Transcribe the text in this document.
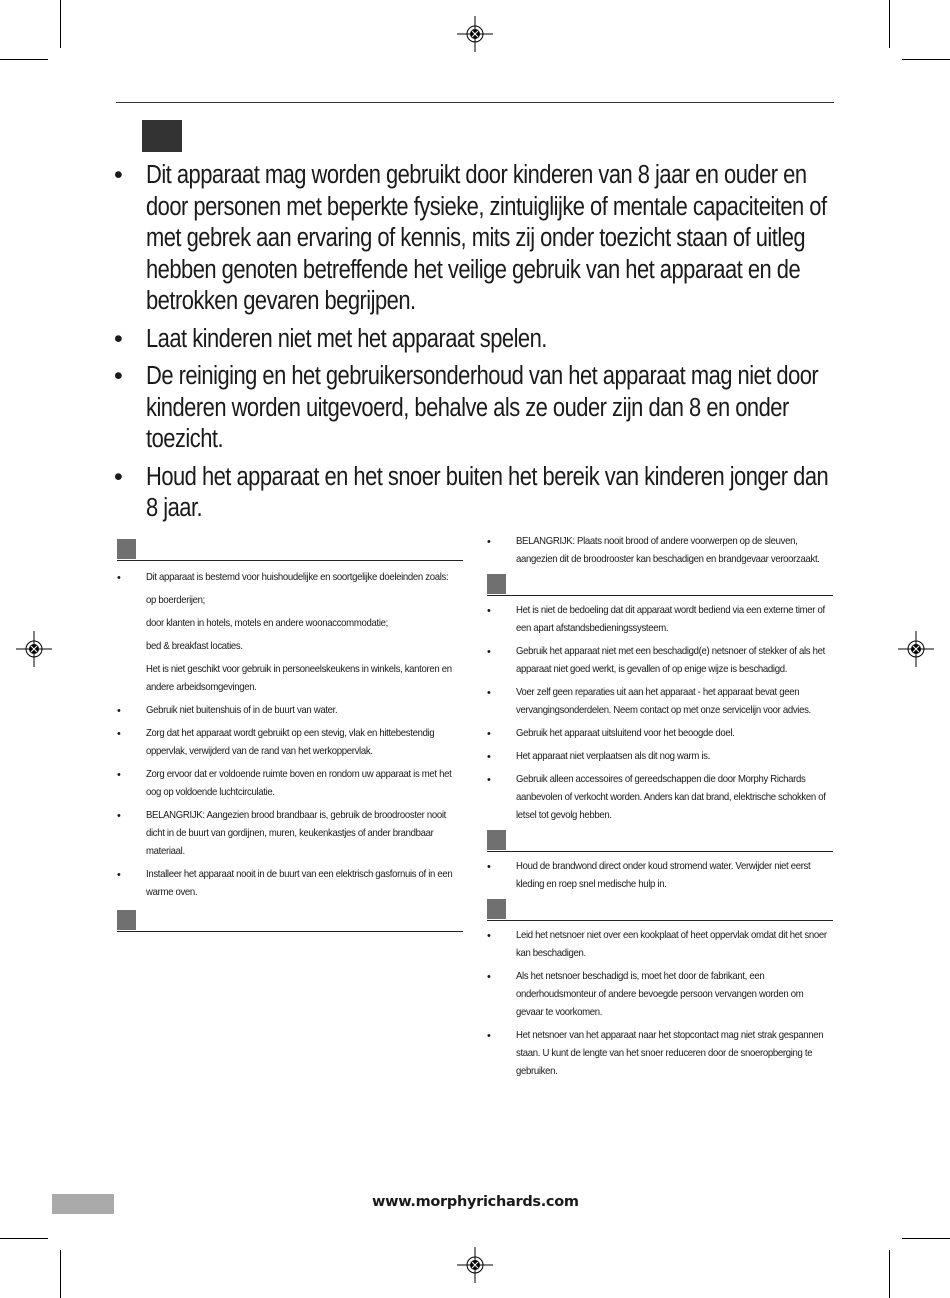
• Dit apparaat mag worden gebruikt door kinderen van 8 jaar en ouder en door personen met beperkte fysieke, zintuiglijke of mentale capaciteiten of met gebrek aan ervaring of kennis, mits zij onder toezicht staan of uitleg hebben genoten betreffende het veilige gebruik van het apparaat en de betrokken gevaren begrijpen.
• Laat kinderen niet met het apparaat spelen.
• De reiniging en het gebruikersonderhoud van het apparaat mag niet door kinderen worden uitgevoerd, behalve als ze ouder zijn dan 8 en onder toezicht.
• Houd het apparaat en het snoer buiten het bereik van kinderen jonger dan 8 jaar.
• Dit apparaat is bestemd voor huishoudelijke en soortgelijke doeleinden zoals:
op boerderijen;
door klanten in hotels, motels en andere woonaccommodatie;
bed & breakfast locaties.
Het is niet geschikt voor gebruik in personeelskeukens in winkels, kantoren en andere arbeidsomgevingen.
• Gebruik niet buitenshuis of in de buurt van water.
• Zorg dat het apparaat wordt gebruikt op een stevig, vlak en hittebestendig oppervlak, verwijderd van de rand van het werkoppervlak.
• Zorg ervoor dat er voldoende ruimte boven en rondom uw apparaat is met het oog op voldoende luchtcirculatie.
• BELANGRIJK: Aangezien brood brandbaar is, gebruik de broodrooster nooit dicht in de buurt van gordijnen, muren, keukenkastjes of ander brandbaar materiaal.
• Installeer het apparaat nooit in de buurt van een elektrisch gasfornuis of in een warme oven.
• BELANGRIJK: Plaats nooit brood of andere voorwerpen op de sleuven, aangezien dit de broodrooster kan beschadigen en brandgevaar veroorzaakt.
• Het is niet de bedoeling dat dit apparaat wordt bediend via een externe timer of een apart afstandsbedieningssysteem.
• Gebruik het apparaat niet met een beschadigd(e) netsnoer of stekker of als het apparaat niet goed werkt, is gevallen of op enige wijze is beschadigd.
• Voer zelf geen reparaties uit aan het apparaat - het apparaat bevat geen vervangingsonderdelen. Neem contact op met onze servicelijn voor advies.
• Gebruik het apparaat uitsluitend voor het beoogde doel.
• Het apparaat niet verplaatsen als dit nog warm is.
• Gebruik alleen accessoires of gereedschappen die door Morphy Richards aanbevolen of verkocht worden. Anders kan dat brand, elektrische schokken of letsel tot gevolg hebben.
• Houd de brandwond direct onder koud stromend water. Verwijder niet eerst kleding en roep snel medische hulp in.
• Leid het netsnoer niet over een kookplaat of heet oppervlak omdat dit het snoer kan beschadigen.
• Als het netsnoer beschadigd is, moet het door de fabrikant, een onderhoudsmonteur of andere bevoegde persoon vervangen worden om gevaar te voorkomen.
• Het netsnoer van het apparaat naar het stopcontact mag niet strak gespannen staan. U kunt de lengte van het snoer reduceren door de snoeropberging te gebruiken.
www.morphyrichards.com
